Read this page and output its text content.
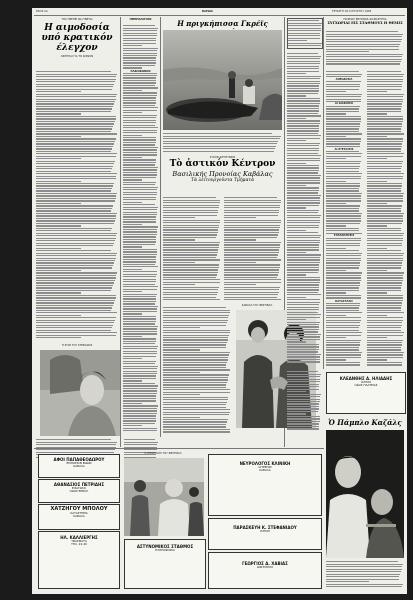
ΣΕΛΙΣ 2α	ΒΑΡΔΙΑ	ΤΕΤΑΡΤΗ 18 ΑΥΓΟΥΣΤΟΥ 1965
ΤΟΣ ΠΡΕΠΕΙ ΝΑ ΓΙΝΕΤΑΙ
Η αιμοδοσία υπό κρατικόν έλεγχον
ΟΣΡΗΓΙΑΙ ΓΙΑ ΤΟ ΚΟΙΝΟΝ
ΗΜΕΡΟΛΟΓΙΟΝ
ΡΑΔΙΟΦΩΝΟΝ
Η πριγκήπισσα Γκρέϊς
ΣΥΚΟΝ ΔΙΕΥΘΥΝΣΙΝ
Τὸ ἀστικόν Κέντρον
Βασιλικής Προνοίας Καβάλας
Τὰ λειτουργοῦντα Τμήματα
ΚΑΒΑΛΑ ΤΟΥ ΦΕΣΤΙΒΑΛ
ΠΟΣΕΙΑΣ ΕΝΤΟΝΟΣ ΔΙΑΜΑΡΤΥΡΙΑ
ΣΥΓΧΩΡΙΑΙ ΕΙΣ ΣΤΑΘΜΟΥΣ Η ΘΕΜΙΣ
ΑΙΜΟΔΟΣΙΑ
ΑΙ ΔΙΑΚΟΠΑΙ
ΑΙ ΕΞΕΤΑΣΕΙΣ
ΣΥΝΑΘΛΗΣΕΙΣ
ΚΑΤΑΣΤΑΣΙΣ
Η ΣΤΑΡ ΤΟΥ ΣΤΕΦΑΝΟΣ
ΚΛΕΑΝΘΗΣ Α. ΗΛΙΑΔΗΣ
ΙΑΤΡΟΣ
ΟΔΟΣ ΠΛΑΤΕΙΑΣ
Ὁ Πάμπλο Καζάλς
ΑΦΟΙ ΠΑΠΑΘΕΟΔΩΡΟΥ
ΕΜΠΟΡΙΟΝ ΕΙΔΩΝ
ΚΑΒΑΛΑ
ΑΘΑΝΑΣΙΟΣ ΠΕΤΡΙΔΗΣ
ΕΙΣΑΓΩΓΑΙ
ΟΔΟΣ ΕΡΜΟΥ
ΧΑΤΖΗΓΟΥ ΜΠΟΛΟΥ
ΚΑΤΑΣΤΗΜΑ
ΚΑΒΑΛΑ
ΗΛ. ΚΑΛΛΙΕΡΓΗΣ
ΥΦΑΣΜΑΤΑ
ΤΗΛ. 22-40
Ο ΗΘΟΠΟΙΟΣ ΤΟΥ ΦΕΣΤΙΒΑΛ
ΑΣΤΥΝΟΜΙΚΟΣ ΣΤΑΘΜΟΣ
ΠΛΗΡΟΦΟΡΙΑΙ
ΝΕΥΡΟΛΟΓΟΣ ΚΛΙΝΙΚΗ
ΙΑΤΡΕΙΟΝ
ΚΑΒΑΛΑ
ΠΑΡΑΣΚΕΥΗ Κ. ΣΤΕΦΑΝΙΔΟΥ
ΙΑΤΡΟΣ
ΓΕΩΡΓΙΟΣ Δ. ΧΑΒΙΑΣ
ΔΙΚΗΓΟΡΟΣ
